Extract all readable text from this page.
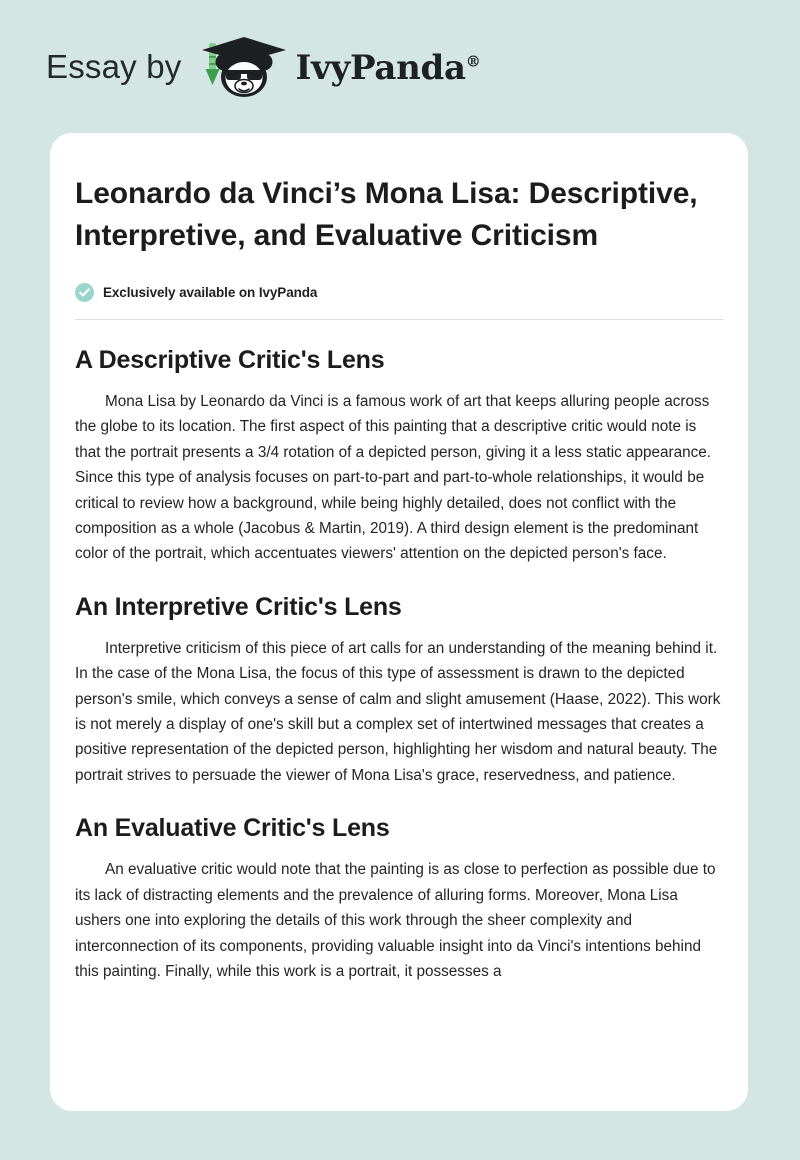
Essay by	IvyPanda®
Leonardo da Vinci’s Mona Lisa: Descriptive, Interpretive, and Evaluative Criticism
Exclusively available on IvyPanda
A Descriptive Critic's Lens

Mona Lisa by Leonardo da Vinci is a famous work of art that keeps alluring people across the globe to its location. The first aspect of this painting that a descriptive critic would note is that the portrait presents a 3/4 rotation of a depicted person, giving it a less static appearance. Since this type of analysis focuses on part-to-part and part-to-whole relationships, it would be critical to review how a background, while being highly detailed, does not conflict with the composition as a whole (Jacobus & Martin, 2019). A third design element is the predominant color of the portrait, which accentuates viewers' attention on the depicted person's face.

An Interpretive Critic's Lens

Interpretive criticism of this piece of art calls for an understanding of the meaning behind it. In the case of the Mona Lisa, the focus of this type of assessment is drawn to the depicted person's smile, which conveys a sense of calm and slight amusement (Haase, 2022). This work is not merely a display of one's skill but a complex set of intertwined messages that creates a positive representation of the depicted person, highlighting her wisdom and natural beauty. The portrait strives to persuade the viewer of Mona Lisa's grace, reservedness, and patience.

An Evaluative Critic's Lens

An evaluative critic would note that the painting is as close to perfection as possible due to its lack of distracting elements and the prevalence of alluring forms. Moreover, Mona Lisa ushers one into exploring the details of this work through the sheer complexity and interconnection of its components, providing valuable insight into da Vinci's intentions behind this painting. Finally, while this work is a portrait, it possesses a
